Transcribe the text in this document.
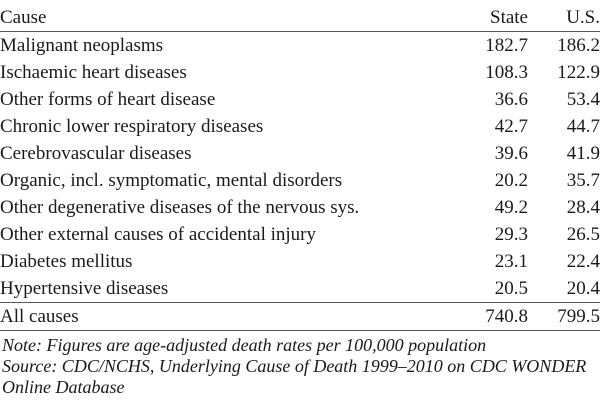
Cause	State	U.S.
Malignant neoplasms	182.7	186.2
Ischaemic heart diseases	108.3	122.9
Other forms of heart disease	36.6	53.4
Chronic lower respiratory diseases	42.7	44.7
Cerebrovascular diseases	39.6	41.9
Organic, incl. symptomatic, mental disorders	20.2	35.7
Other degenerative diseases of the nervous sys.	49.2	28.4
Other external causes of accidental injury	29.3	26.5
Diabetes mellitus	23.1	22.4
Hypertensive diseases	20.5	20.4
All causes	740.8	799.5

Note: Figures are age-adjusted death rates per 100,000 population

Source: CDC/NCHS, Underlying Cause of Death 1999–2010 on CDC WONDER Online Database
